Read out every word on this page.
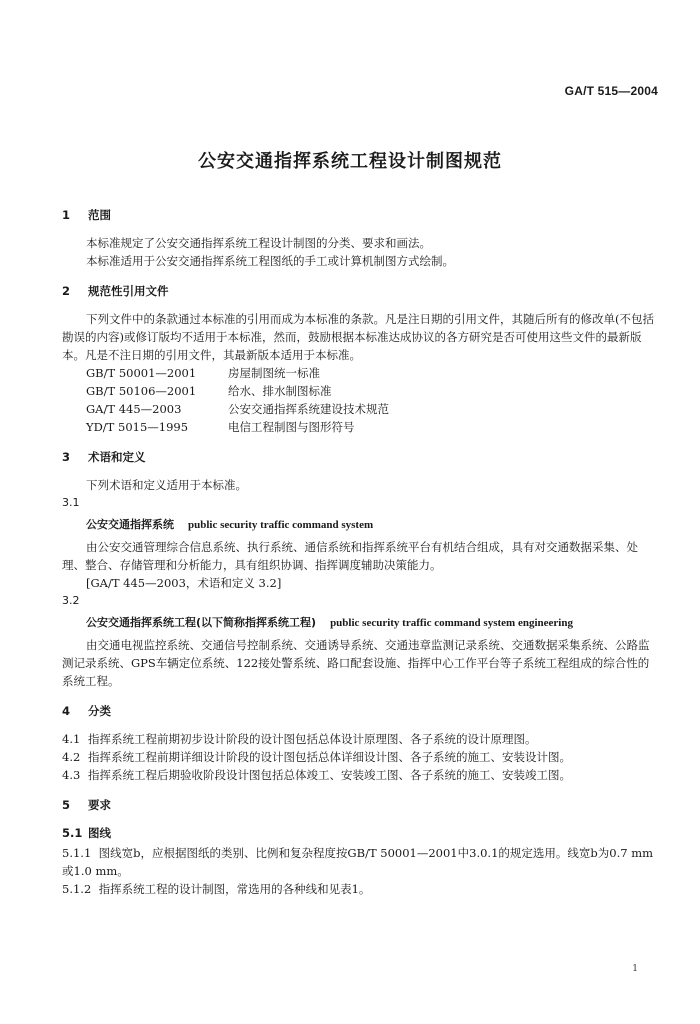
GA/T 515—2004
公安交通指挥系统工程设计制图规范
1 范围

本标准规定了公安交通指挥系统工程设计制图的分类、要求和画法。

本标准适用于公安交通指挥系统工程图纸的手工或计算机制图方式绘制。

2 规范性引用文件

下列文件中的条款通过本标准的引用而成为本标准的条款。凡是注日期的引用文件，其随后所有的修改单(不包括勘误的内容)或修订版均不适用于本标准，然而，鼓励根据本标准达成协议的各方研究是否可使用这些文件的最新版本。凡是不注日期的引用文件，其最新版本适用于本标准。

GB/T 50001—2001	房屋制图统一标准

GB/T 50106—2001	给水、排水制图标准

GA/T 445—2003	公安交通指挥系统建设技术规范

YD/T 5015—1995	电信工程制图与图形符号

3 术语和定义

下列术语和定义适用于本标准。

3.1

公安交通指挥系统 public security traffic command system

由公安交通管理综合信息系统、执行系统、通信系统和指挥系统平台有机结合组成，具有对交通数据采集、处理、整合、存储管理和分析能力，具有组织协调、指挥调度辅助决策能力。

[GA/T 445—2003，术语和定义 3.2]

3.2

公安交通指挥系统工程(以下简称指挥系统工程) public security traffic command system engineering

由交通电视监控系统、交通信号控制系统、交通诱导系统、交通违章监测记录系统、交通数据采集系统、公路监测记录系统、GPS车辆定位系统、122接处警系统、路口配套设施、指挥中心工作平台等子系统工程组成的综合性的系统工程。

4 分类

4.1 指挥系统工程前期初步设计阶段的设计图包括总体设计原理图、各子系统的设计原理图。

4.2 指挥系统工程前期详细设计阶段的设计图包括总体详细设计图、各子系统的施工、安装设计图。

4.3 指挥系统工程后期验收阶段设计图包括总体竣工、安装竣工图、各子系统的施工、安装竣工图。

5 要求
5.1 图线

5.1.1 图线宽b，应根据图纸的类别、比例和复杂程度按GB/T 50001—2001中3.0.1的规定选用。线宽b为0.7 mm或1.0 mm。

5.1.2 指挥系统工程的设计制图，常选用的各种线和见表1。

1
